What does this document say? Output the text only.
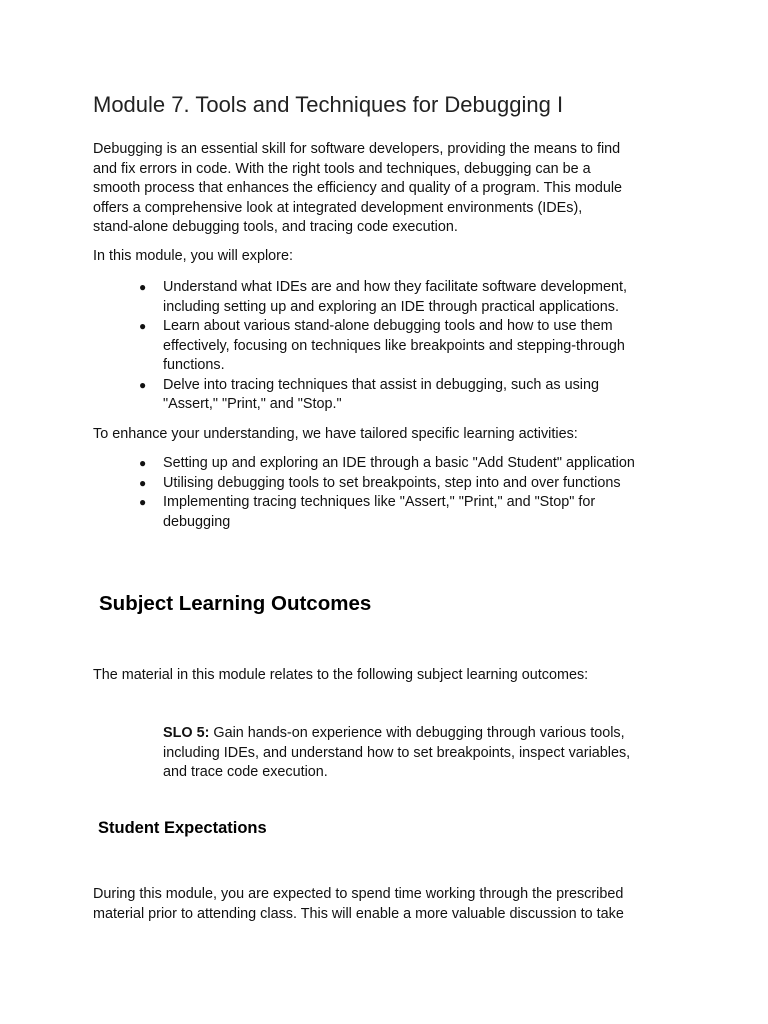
Module 7. Tools and Techniques for Debugging I
Debugging is an essential skill for software developers, providing the means to find
and fix errors in code. With the right tools and techniques, debugging can be a
smooth process that enhances the efficiency and quality of a program. This module
offers a comprehensive look at integrated development environments (IDEs),
stand-alone debugging tools, and tracing code execution.

In this module, you will explore:

● Understand what IDEs are and how they facilitate software development,
including setting up and exploring an IDE through practical applications.
● Learn about various stand-alone debugging tools and how to use them
effectively, focusing on techniques like breakpoints and stepping-through
functions.
● Delve into tracing techniques that assist in debugging, such as using
"Assert," "Print," and "Stop."

To enhance your understanding, we have tailored specific learning activities:

● Setting up and exploring an IDE through a basic "Add Student" application
● Utilising debugging tools to set breakpoints, step into and over functions
● Implementing tracing techniques like "Assert," "Print," and "Stop" for
debugging
Subject Learning Outcomes

The material in this module relates to the following subject learning outcomes:

SLO 5: Gain hands-on experience with debugging through various tools,
including IDEs, and understand how to set breakpoints, inspect variables,
and trace code execution.
Student Expectations
During this module, you are expected to spend time working through the prescribed
material prior to attending class. This will enable a more valuable discussion to take
